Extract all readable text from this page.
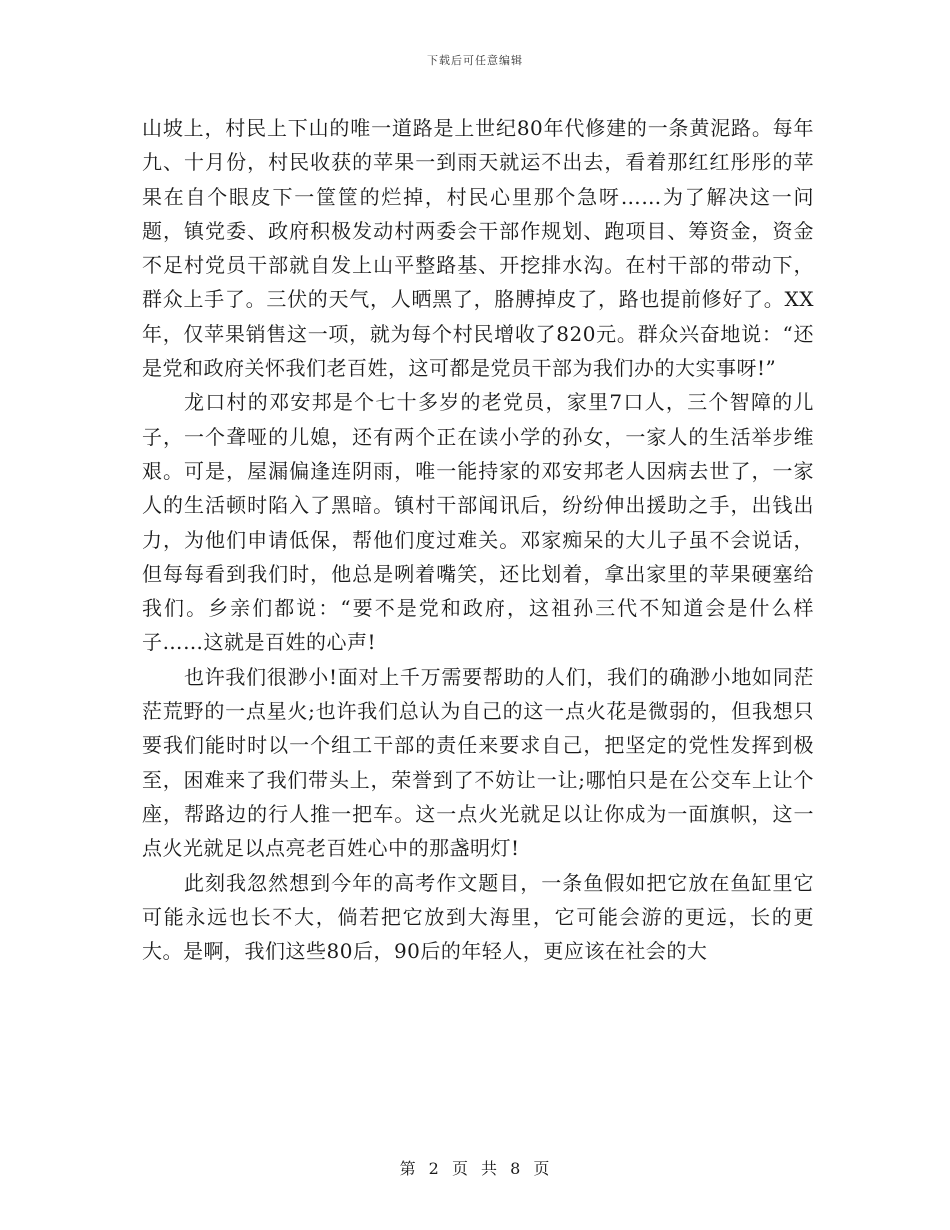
下载后可任意编辑

山坡上，村民上下山的唯一道路是上世纪80年代修建的一条黄泥路。每年九、十月份，村民收获的苹果一到雨天就运不出去，看着那红红彤彤的苹果在自个眼皮下一筐筐的烂掉，村民心里那个急呀……为了解决这一问题，镇党委、政府积极发动村两委会干部作规划、跑项目、筹资金，资金不足村党员干部就自发上山平整路基、开挖排水沟。在村干部的带动下，群众上手了。三伏的天气，人晒黑了，胳膊掉皮了，路也提前修好了。XX年，仅苹果销售这一项，就为每个村民增收了820元。群众兴奋地说：“还是党和政府关怀我们老百姓，这可都是党员干部为我们办的大实事呀!”

龙口村的邓安邦是个七十多岁的老党员，家里7口人，三个智障的儿子，一个聋哑的儿媳，还有两个正在读小学的孙女，一家人的生活举步维艰。可是，屋漏偏逢连阴雨，唯一能持家的邓安邦老人因病去世了，一家人的生活顿时陷入了黑暗。镇村干部闻讯后，纷纷伸出援助之手，出钱出力，为他们申请低保，帮他们度过难关。邓家痴呆的大儿子虽不会说话，但每每看到我们时，他总是咧着嘴笑，还比划着，拿出家里的苹果硬塞给我们。乡亲们都说：“要不是党和政府，这祖孙三代不知道会是什么样子……这就是百姓的心声!

也许我们很渺小!面对上千万需要帮助的人们，我们的确渺小地如同茫茫荒野的一点星火;也许我们总认为自己的这一点火花是微弱的，但我想只要我们能时时以一个组工干部的责任来要求自己，把坚定的党性发挥到极至，困难来了我们带头上，荣誉到了不妨让一让;哪怕只是在公交车上让个座，帮路边的行人推一把车。这一点火光就足以让你成为一面旗帜，这一点火光就足以点亮老百姓心中的那盏明灯!

此刻我忽然想到今年的高考作文题目，一条鱼假如把它放在鱼缸里它可能永远也长不大，倘若把它放到大海里，它可能会游的更远，长的更大。是啊，我们这些80后，90后的年轻人，更应该在社会的大

第 2 页 共 8 页
